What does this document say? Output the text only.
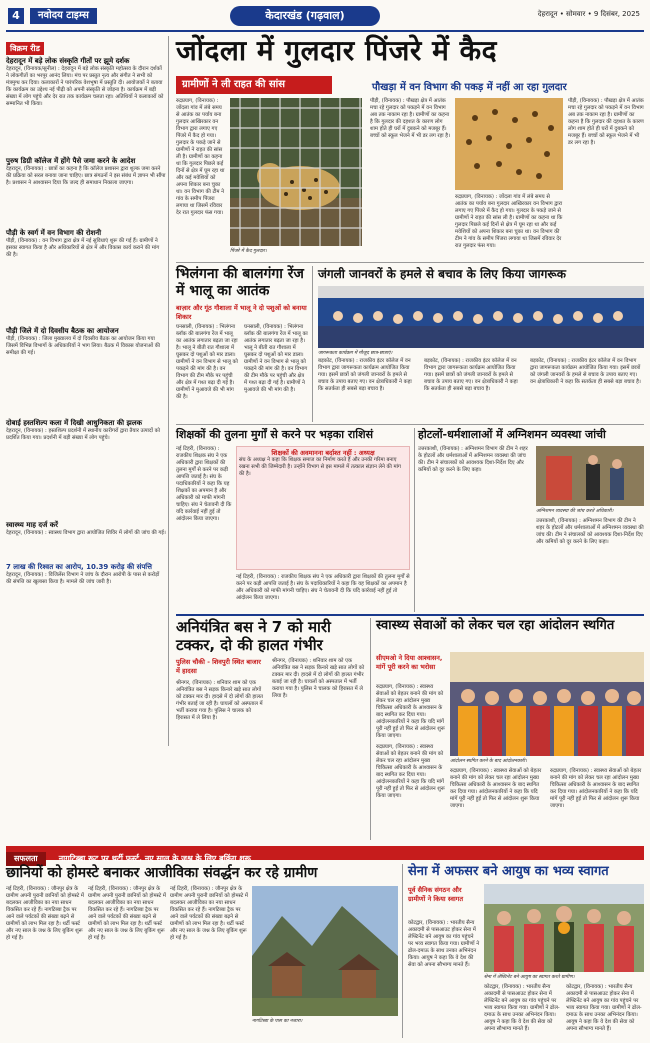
4	नवोदय टाइम्स	केदारखंड (गढ़वाल)	देहरादून • सोमवार • 9 दिसंबर, 2025
विक्रम रीड
देहरादून में बड़े लोक संस्कृति गीतों पर झूमे दर्शक
देहरादून, (विनायक/सुनील) : देहरादून में बड़े लोक संस्कृति महोत्सव के दौरान दर्शकों ने लोकगीतों का भरपूर आनंद लिया। मंच पर प्रस्तुत नृत्य और संगीत ने सभी को मंत्रमुग्ध कर दिया। कलाकारों ने पारंपरिक वेशभूषा में प्रस्तुति दी। आयोजकों ने बताया कि कार्यक्रम का उद्देश्य नई पीढ़ी को अपनी संस्कृति से जोड़ना है। कार्यक्रम में बड़ी संख्या में लोग पहुंचे और देर रात तक कार्यक्रम चलता रहा। अतिथियों ने कलाकारों को सम्मानित भी किया।
पुरुष डिग्री कॉलेज में होंगे पैसे जमा करने के आदेश
देहरादून, (विनायक) : छात्रों का कहना है कि कॉलेज प्रशासन द्वारा शुल्क जमा करने की प्रक्रिया को सरल बनाया जाना चाहिए। छात्र संगठनों ने इस संबंध में ज्ञापन भी सौंपा है। प्रशासन ने आश्वासन दिया कि जल्द ही समाधान निकाला जाएगा।
पौड़ी के स्वर्ग में वन विभाग की रोशनी
पौड़ी, (विनायक) : वन विभाग द्वारा क्षेत्र में नई सुविधाएं शुरू की गई हैं। ग्रामीणों ने इसका स्वागत किया है और अधिकारियों से क्षेत्र में और विकास कार्य कराने की मांग की है।
पौड़ी जिले में दो दिवसीय बैठक का आयोजन
पौड़ी, (विनायक) : जिला मुख्यालय में दो दिवसीय बैठक का आयोजन किया गया जिसमें विभिन्न विभागों के अधिकारियों ने भाग लिया। बैठक में विकास योजनाओं की समीक्षा की गई।
दोबाई हस्तशिल्प कला में दिखी आधुनिकता की झलक
देहरादून, (विनायक) : हस्तशिल्प प्रदर्शनी में स्थानीय कारीगरों द्वारा तैयार उत्पादों को प्रदर्शित किया गया। प्रदर्शनी में बड़ी संख्या में लोग पहुंचे।
स्वास्थ्य माह दर्ज करें
देहरादून, (विनायक) : स्वास्थ्य विभाग द्वारा आयोजित शिविर में लोगों की जांच की गई।
7 लाख की रिश्वत का आरोप, 10.39 करोड़ की संपत्ति
देहरादून, (विनायक) : विजिलेंस विभाग ने जांच के दौरान आरोपी के पास से करोड़ों की संपत्ति का खुलासा किया है। मामले की जांच जारी है।
जोंदला में गुलदार पिंजरे में कैद
ग्रामीणों ने ली राहत की सांस	पौखड़ा में वन विभाग की पकड़ में नहीं आ रहा गुलदार
रुद्रप्रयाग, (विनायक) : जोंदला गांव में लंबे समय से आतंक का पर्याय बना गुलदार आखिरकार वन विभाग द्वारा लगाए गए पिंजरे में कैद हो गया। गुलदार के पकड़े जाने से ग्रामीणों ने राहत की सांस ली है। ग्रामीणों का कहना था कि गुलदार पिछले कई दिनों से क्षेत्र में घूम रहा था और कई मवेशियों को अपना शिकार बना चुका था। वन विभाग की टीम ने गांव के समीप पिंजरा लगाया था जिसमें रविवार देर रात गुलदार फंस गया।
पिंजरे में कैद गुलदार।
पौड़ी, (विनायक) : पौखड़ा क्षेत्र में आतंक मचा रहे गुलदार को पकड़ने में वन विभाग अब तक नाकाम रहा है। ग्रामीणों का कहना है कि गुलदार की दहशत के कारण लोग शाम होते ही घरों में दुबकने को मजबूर हैं। बच्चों को स्कूल भेजने में भी डर लग रहा है।
पौड़ी, (विनायक) : पौखड़ा क्षेत्र में आतंक मचा रहे गुलदार को पकड़ने में वन विभाग अब तक नाकाम रहा है। ग्रामीणों का कहना है कि गुलदार की दहशत के कारण लोग शाम होते ही घरों में दुबकने को मजबूर हैं। बच्चों को स्कूल भेजने में भी डर लग रहा है।
रुद्रप्रयाग, (विनायक) : जोंदला गांव में लंबे समय से आतंक का पर्याय बना गुलदार आखिरकार वन विभाग द्वारा लगाए गए पिंजरे में कैद हो गया। गुलदार के पकड़े जाने से ग्रामीणों ने राहत की सांस ली है। ग्रामीणों का कहना था कि गुलदार पिछले कई दिनों से क्षेत्र में घूम रहा था और कई मवेशियों को अपना शिकार बना चुका था। वन विभाग की टीम ने गांव के समीप पिंजरा लगाया था जिसमें रविवार देर रात गुलदार फंस गया।
भिलंगना की बालगंगा रेंज में भालू का आतंक
बाज़ार और गूंठ गौशाला में भालू ने दो पशुओं को बनाया शिकार
घनसाली, (विनायक) : भिलंगना ब्लॉक की बालगंगा रेंज में भालू का आतंक लगातार बढ़ता जा रहा है। भालू ने बीती रात गौशाला में घुसकर दो पशुओं को मार डाला। ग्रामीणों ने वन विभाग से भालू को पकड़ने की मांग की है। वन विभाग की टीम मौके पर पहुंची और क्षेत्र में गश्त बढ़ा दी गई है। ग्रामीणों ने मुआवजे की भी मांग की है।
घनसाली, (विनायक) : भिलंगना ब्लॉक की बालगंगा रेंज में भालू का आतंक लगातार बढ़ता जा रहा है। भालू ने बीती रात गौशाला में घुसकर दो पशुओं को मार डाला। ग्रामीणों ने वन विभाग से भालू को पकड़ने की मांग की है। वन विभाग की टीम मौके पर पहुंची और क्षेत्र में गश्त बढ़ा दी गई है। ग्रामीणों ने मुआवजे की भी मांग की है।
जंगली जानवरों के हमले से बचाव के लिए किया जागरूक
जागरूकता कार्यक्रम में मौजूद छात्र-छात्राएं।
बड़कोट, (विनायक) : राजकीय इंटर कॉलेज में वन विभाग द्वारा जागरूकता कार्यक्रम आयोजित किया गया। इसमें छात्रों को जंगली जानवरों के हमले से बचाव के उपाय बताए गए। वन क्षेत्राधिकारी ने कहा कि सतर्कता ही सबसे बड़ा बचाव है।
बड़कोट, (विनायक) : राजकीय इंटर कॉलेज में वन विभाग द्वारा जागरूकता कार्यक्रम आयोजित किया गया। इसमें छात्रों को जंगली जानवरों के हमले से बचाव के उपाय बताए गए। वन क्षेत्राधिकारी ने कहा कि सतर्कता ही सबसे बड़ा बचाव है।
बड़कोट, (विनायक) : राजकीय इंटर कॉलेज में वन विभाग द्वारा जागरूकता कार्यक्रम आयोजित किया गया। इसमें छात्रों को जंगली जानवरों के हमले से बचाव के उपाय बताए गए। वन क्षेत्राधिकारी ने कहा कि सतर्कता ही सबसे बड़ा बचाव है।
शिक्षकों की तुलना मुर्गों से करने पर भड़का राशिसं
नई टिहरी, (विनायक) : राजकीय शिक्षक संघ ने एक अधिकारी द्वारा शिक्षकों की तुलना मुर्गों से करने पर कड़ी आपत्ति जताई है। संघ के पदाधिकारियों ने कहा कि यह शिक्षकों का अपमान है और अधिकारी को माफी मांगनी चाहिए। संघ ने चेतावनी दी कि यदि कार्रवाई नहीं हुई तो आंदोलन किया जाएगा।
शिक्षकों की अवमानना बर्दाश्त नहीं : अध्यक्ष
संघ के अध्यक्ष ने कहा कि शिक्षक समाज का निर्माण करते हैं और उनकी गरिमा बनाए रखना सभी की जिम्मेदारी है। उन्होंने विभाग से इस मामले में तत्काल संज्ञान लेने की मांग की है।
नई टिहरी, (विनायक) : राजकीय शिक्षक संघ ने एक अधिकारी द्वारा शिक्षकों की तुलना मुर्गों से करने पर कड़ी आपत्ति जताई है। संघ के पदाधिकारियों ने कहा कि यह शिक्षकों का अपमान है और अधिकारी को माफी मांगनी चाहिए। संघ ने चेतावनी दी कि यदि कार्रवाई नहीं हुई तो आंदोलन किया जाएगा।
होटलों-धर्मशालाओं में अग्निशमन व्यवस्था जांची
उत्तरकाशी, (विनायक) : अग्निशमन विभाग की टीम ने शहर के होटलों और धर्मशालाओं में अग्निशमन व्यवस्था की जांच की। टीम ने संचालकों को आवश्यक दिशा-निर्देश दिए और कमियों को दूर करने के लिए कहा।
अग्निशमन व्यवस्था की जांच करते अधिकारी।
उत्तरकाशी, (विनायक) : अग्निशमन विभाग की टीम ने शहर के होटलों और धर्मशालाओं में अग्निशमन व्यवस्था की जांच की। टीम ने संचालकों को आवश्यक दिशा-निर्देश दिए और कमियों को दूर करने के लिए कहा।
अनियंत्रित बस ने 7 को मारी टक्कर, दो की हालत गंभीर
पुलिस चौकी - शिवपुरी स्थित बाजार में हादसा
श्रीनगर, (विनायक) : शनिवार शाम को एक अनियंत्रित बस ने सड़क किनारे खड़े सात लोगों को टक्कर मार दी। हादसे में दो लोगों की हालत गंभीर बताई जा रही है। घायलों को अस्पताल में भर्ती कराया गया है। पुलिस ने चालक को हिरासत में ले लिया है।
श्रीनगर, (विनायक) : शनिवार शाम को एक अनियंत्रित बस ने सड़क किनारे खड़े सात लोगों को टक्कर मार दी। हादसे में दो लोगों की हालत गंभीर बताई जा रही है। घायलों को अस्पताल में भर्ती कराया गया है। पुलिस ने चालक को हिरासत में ले लिया है।
स्वास्थ्य सेवाओं को लेकर चल रहा आंदोलन स्थगित
सीएमओ ने दिया आश्वासन, मांगें पूरी करने का भरोसा
रुद्रप्रयाग, (विनायक) : स्वास्थ्य सेवाओं को बेहतर बनाने की मांग को लेकर चल रहा आंदोलन मुख्य चिकित्सा अधिकारी के आश्वासन के बाद स्थगित कर दिया गया। आंदोलनकारियों ने कहा कि यदि मांगें पूरी नहीं हुईं तो फिर से आंदोलन शुरू किया जाएगा।
आंदोलन स्थगित करने के बाद आंदोलनकारी।
रुद्रप्रयाग, (विनायक) : स्वास्थ्य सेवाओं को बेहतर बनाने की मांग को लेकर चल रहा आंदोलन मुख्य चिकित्सा अधिकारी के आश्वासन के बाद स्थगित कर दिया गया। आंदोलनकारियों ने कहा कि यदि मांगें पूरी नहीं हुईं तो फिर से आंदोलन शुरू किया जाएगा।
रुद्रप्रयाग, (विनायक) : स्वास्थ्य सेवाओं को बेहतर बनाने की मांग को लेकर चल रहा आंदोलन मुख्य चिकित्सा अधिकारी के आश्वासन के बाद स्थगित कर दिया गया। आंदोलनकारियों ने कहा कि यदि मांगें पूरी नहीं हुईं तो फिर से आंदोलन शुरू किया जाएगा।
रुद्रप्रयाग, (विनायक) : स्वास्थ्य सेवाओं को बेहतर बनाने की मांग को लेकर चल रहा आंदोलन मुख्य चिकित्सा अधिकारी के आश्वासन के बाद स्थगित कर दिया गया। आंदोलनकारियों ने कहा कि यदि मांगें पूरी नहीं हुईं तो फिर से आंदोलन शुरू किया जाएगा।
सफलता	नागटिब्बा रूट पर थर्टी फर्स्ट, नए साल के जश्न के लिए बुकिंग शुरू
छानियों को होमस्टे बनाकर आजीविका संवर्द्धन कर रहे ग्रामीण
नई टिहरी, (विनायक) : जौनपुर क्षेत्र के ग्रामीण अपनी पुरानी छानियों को होमस्टे में बदलकर आजीविका का नया साधन विकसित कर रहे हैं। नागटिब्बा ट्रैक पर आने वाले पर्यटकों की संख्या बढ़ने से ग्रामीणों को लाभ मिल रहा है। थर्टी फर्स्ट और नए साल के जश्न के लिए बुकिंग शुरू हो गई है।
नई टिहरी, (विनायक) : जौनपुर क्षेत्र के ग्रामीण अपनी पुरानी छानियों को होमस्टे में बदलकर आजीविका का नया साधन विकसित कर रहे हैं। नागटिब्बा ट्रैक पर आने वाले पर्यटकों की संख्या बढ़ने से ग्रामीणों को लाभ मिल रहा है। थर्टी फर्स्ट और नए साल के जश्न के लिए बुकिंग शुरू हो गई है।
नई टिहरी, (विनायक) : जौनपुर क्षेत्र के ग्रामीण अपनी पुरानी छानियों को होमस्टे में बदलकर आजीविका का नया साधन विकसित कर रहे हैं। नागटिब्बा ट्रैक पर आने वाले पर्यटकों की संख्या बढ़ने से ग्रामीणों को लाभ मिल रहा है। थर्टी फर्स्ट और नए साल के जश्न के लिए बुकिंग शुरू हो गई है।
नागटिब्बा के पास का नजारा।
सेना में अफसर बने आयुष का भव्य स्वागत
पूर्व सैनिक संगठन और ग्रामीणों ने किया स्वागत
सेना में लेफ्टिनेंट बने आयुष का स्वागत करते ग्रामीण।
कोटद्वार, (विनायक) : भारतीय सैन्य अकादमी से पासआउट होकर सेना में लेफ्टिनेंट बने आयुष का गांव पहुंचने पर भव्य स्वागत किया गया। ग्रामीणों ने ढोल-दमाऊ के साथ उनका अभिनंदन किया। आयुष ने कहा कि वे देश की सेवा को अपना सौभाग्य मानते हैं।
कोटद्वार, (विनायक) : भारतीय सैन्य अकादमी से पासआउट होकर सेना में लेफ्टिनेंट बने आयुष का गांव पहुंचने पर भव्य स्वागत किया गया। ग्रामीणों ने ढोल-दमाऊ के साथ उनका अभिनंदन किया। आयुष ने कहा कि वे देश की सेवा को अपना सौभाग्य मानते हैं।
कोटद्वार, (विनायक) : भारतीय सैन्य अकादमी से पासआउट होकर सेना में लेफ्टिनेंट बने आयुष का गांव पहुंचने पर भव्य स्वागत किया गया। ग्रामीणों ने ढोल-दमाऊ के साथ उनका अभिनंदन किया। आयुष ने कहा कि वे देश की सेवा को अपना सौभाग्य मानते हैं।
